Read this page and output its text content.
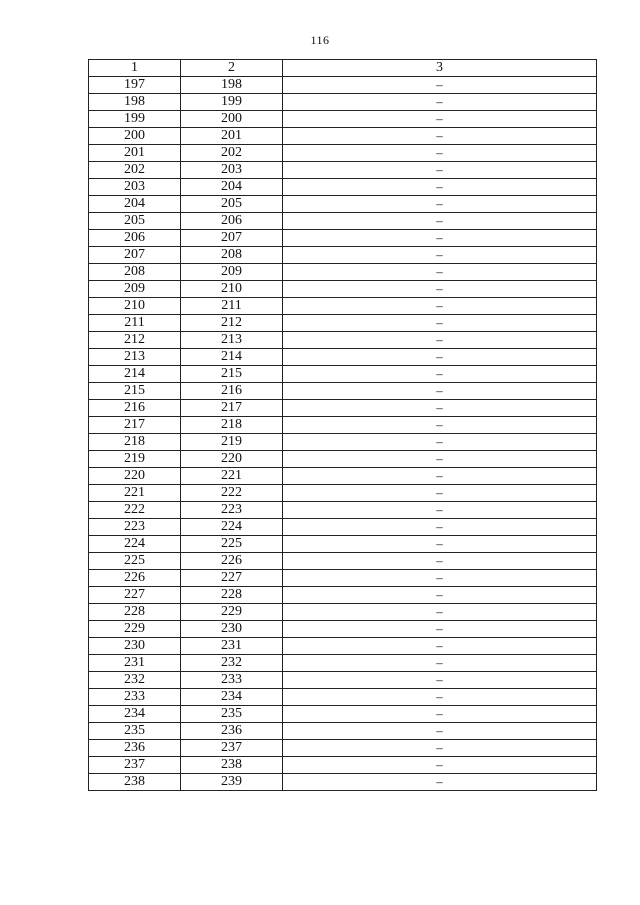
116
1	2	3
197	198	–
198	199	–
199	200	–
200	201	–
201	202	–
202	203	–
203	204	–
204	205	–
205	206	–
206	207	–
207	208	–
208	209	–
209	210	–
210	211	–
211	212	–
212	213	–
213	214	–
214	215	–
215	216	–
216	217	–
217	218	–
218	219	–
219	220	–
220	221	–
221	222	–
222	223	–
223	224	–
224	225	–
225	226	–
226	227	–
227	228	–
228	229	–
229	230	–
230	231	–
231	232	–
232	233	–
233	234	–
234	235	–
235	236	–
236	237	–
237	238	–
238	239	–
